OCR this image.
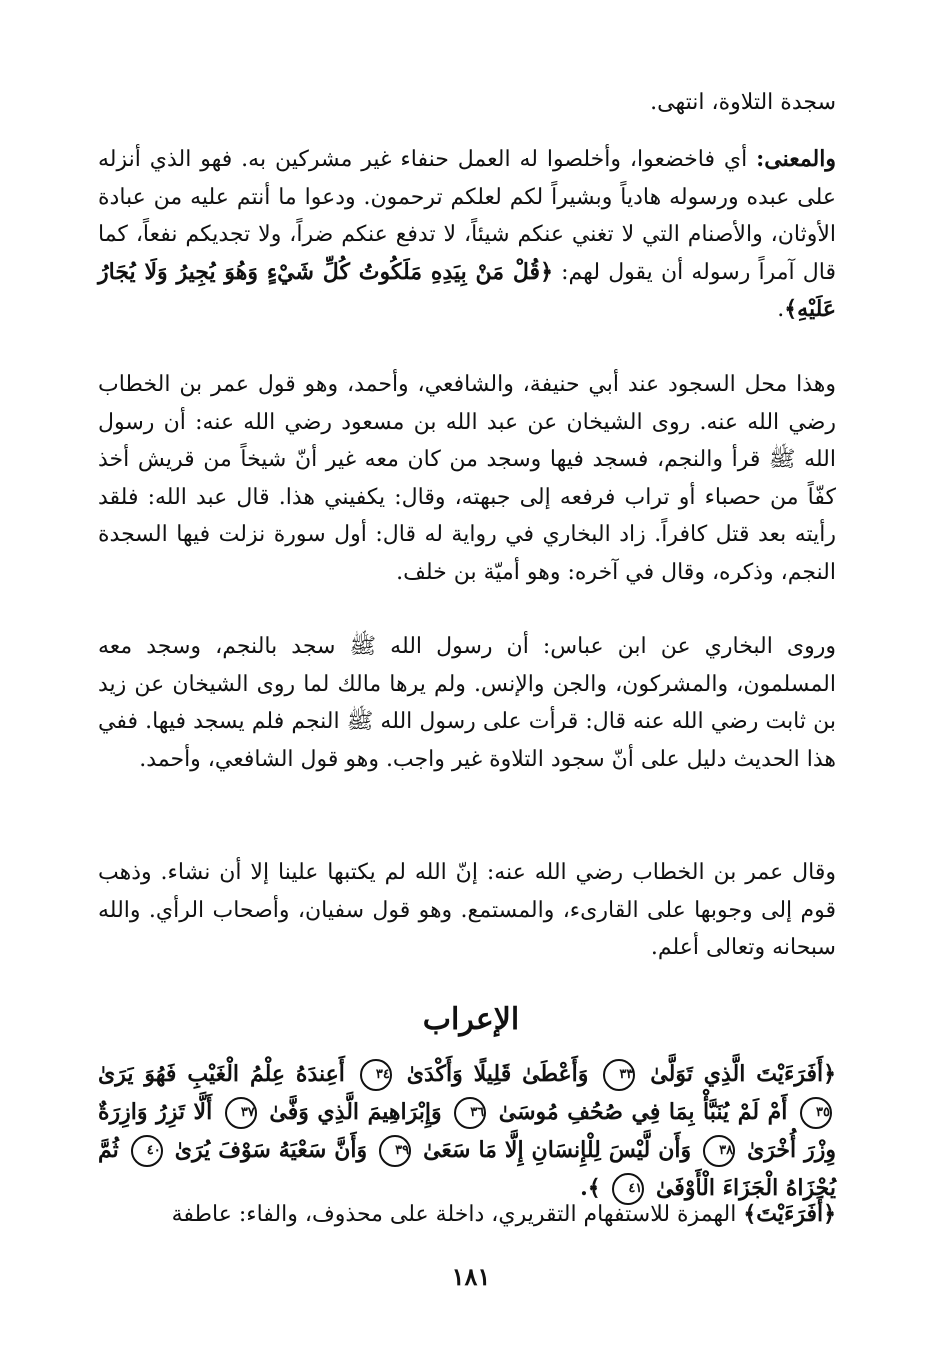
سجدة التلاوة، انتهى.

والمعنى: أي فاخضعوا، وأخلصوا له العمل حنفاء غير مشركين به. فهو الذي أنزله على عبده ورسوله هادياً وبشيراً لكم لعلكم ترحمون. ودعوا ما أنتم عليه من عبادة الأوثان، والأصنام التي لا تغني عنكم شيئاً، لا تدفع عنكم ضراً، ولا تجديكم نفعاً، كما قال آمراً رسوله أن يقول لهم: ﴿قُلْ مَنْ بِيَدِهِ مَلَكُوتُ كُلِّ شَيْءٍ وَهُوَ يُجِيرُ وَلَا يُجَارُ عَلَيْهِ﴾.

وهذا محل السجود عند أبي حنيفة، والشافعي، وأحمد، وهو قول عمر بن الخطاب رضي الله عنه. روى الشيخان عن عبد الله بن مسعود رضي الله عنه: أن رسول الله ﷺ قرأ والنجم، فسجد فيها وسجد من كان معه غير أنّ شيخاً من قريش أخذ كفّاً من حصباء أو تراب فرفعه إلى جبهته، وقال: يكفيني هذا. قال عبد الله: فلقد رأيته بعد قتل كافراً. زاد البخاري في رواية له قال: أول سورة نزلت فيها السجدة النجم، وذكره، وقال في آخره: وهو أميّة بن خلف.

وروى البخاري عن ابن عباس: أن رسول الله ﷺ سجد بالنجم، وسجد معه المسلمون، والمشركون، والجن والإنس. ولم يرها مالك لما روى الشيخان عن زيد بن ثابت رضي الله عنه قال: قرأت على رسول الله ﷺ النجم فلم يسجد فيها. ففي هذا الحديث دليل على أنّ سجود التلاوة غير واجب. وهو قول الشافعي، وأحمد.

وقال عمر بن الخطاب رضي الله عنه: إنّ الله لم يكتبها علينا إلا أن نشاء. وذهب قوم إلى وجوبها على القارىء، والمستمع. وهو قول سفيان، وأصحاب الرأي. والله سبحانه وتعالى أعلم.

الإعراب
﴿أَفَرَءَيْتَ الَّذِي تَوَلَّىٰ ٣٣ وَأَعْطَىٰ قَلِيلًا وَأَكْدَىٰ ٣٤ أَعِندَهُ عِلْمُ الْغَيْبِ فَهُوَ يَرَىٰ ٣٥ أَمْ لَمْ يُنَبَّأْ بِمَا فِي صُحُفِ مُوسَىٰ ٣٦ وَإِبْرَاهِيمَ الَّذِي وَفَّىٰ ٣٧ أَلَّا تَزِرُ وَازِرَةٌ وِزْرَ أُخْرَىٰ ٣٨ وَأَن لَّيْسَ لِلْإِنسَانِ إِلَّا مَا سَعَىٰ ٣٩ وَأَنَّ سَعْيَهُ سَوْفَ يُرَىٰ ٤٠ ثُمَّ يُجْزَاهُ الْجَزَاءَ الْأَوْفَىٰ ٤١ ﴾.
﴿أَفَرَءَيْتَ﴾ الهمزة للاستفهام التقريري، داخلة على محذوف، والفاء: عاطفة
١٨١
